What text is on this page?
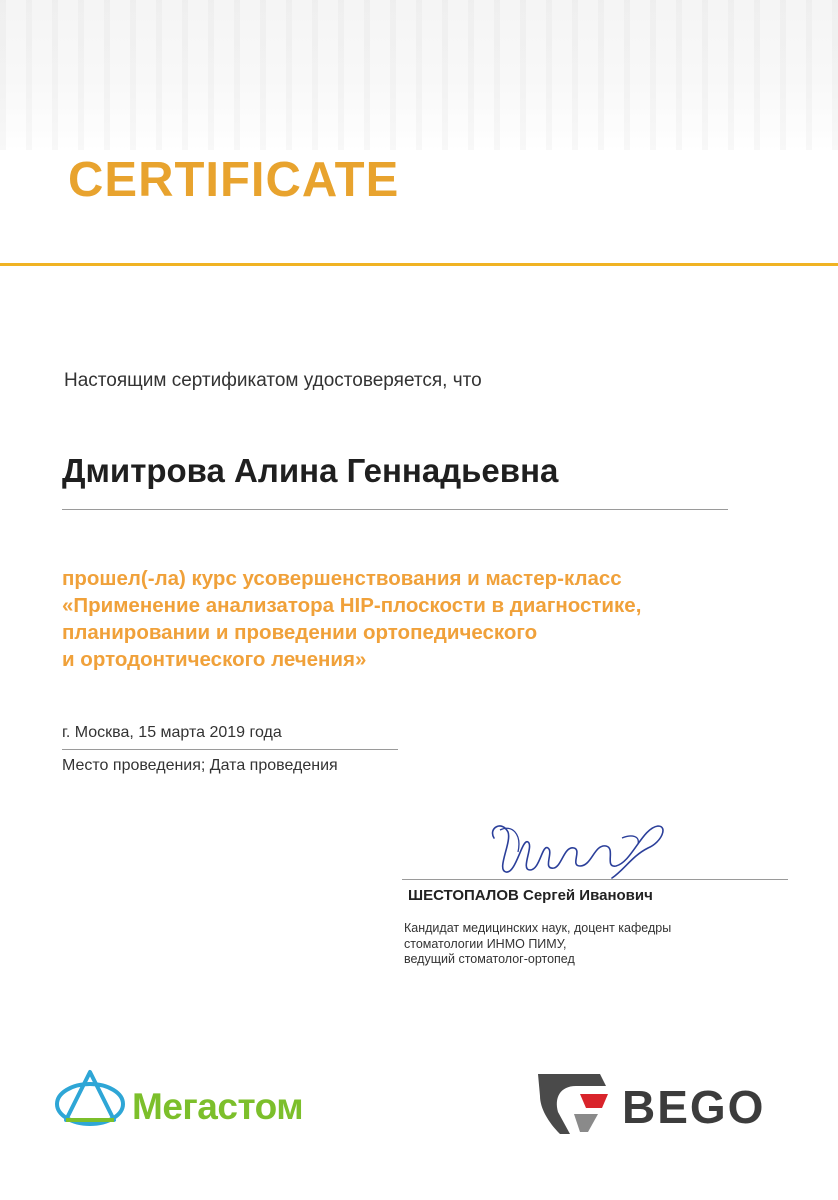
CERTIFICATE
Настоящим сертификатом удостоверяется, что
Дмитрова Алина Геннадьевна
прошел(-ла) курс усовершенствования и мастер-класс
«Применение анализатора HIP-плоскости в диагностике,
планировании и проведении ортопедического
и ортодонтического лечения»
г. Москва, 15 марта 2019 года
Место проведения; Дата проведения
ШЕСТОПАЛОВ Сергей Иванович
Кандидат медицинских наук, доцент кафедры
стоматологии ИНМО ПИМУ,
ведущий стоматолог-ортопед
Мегастом	BEGO
